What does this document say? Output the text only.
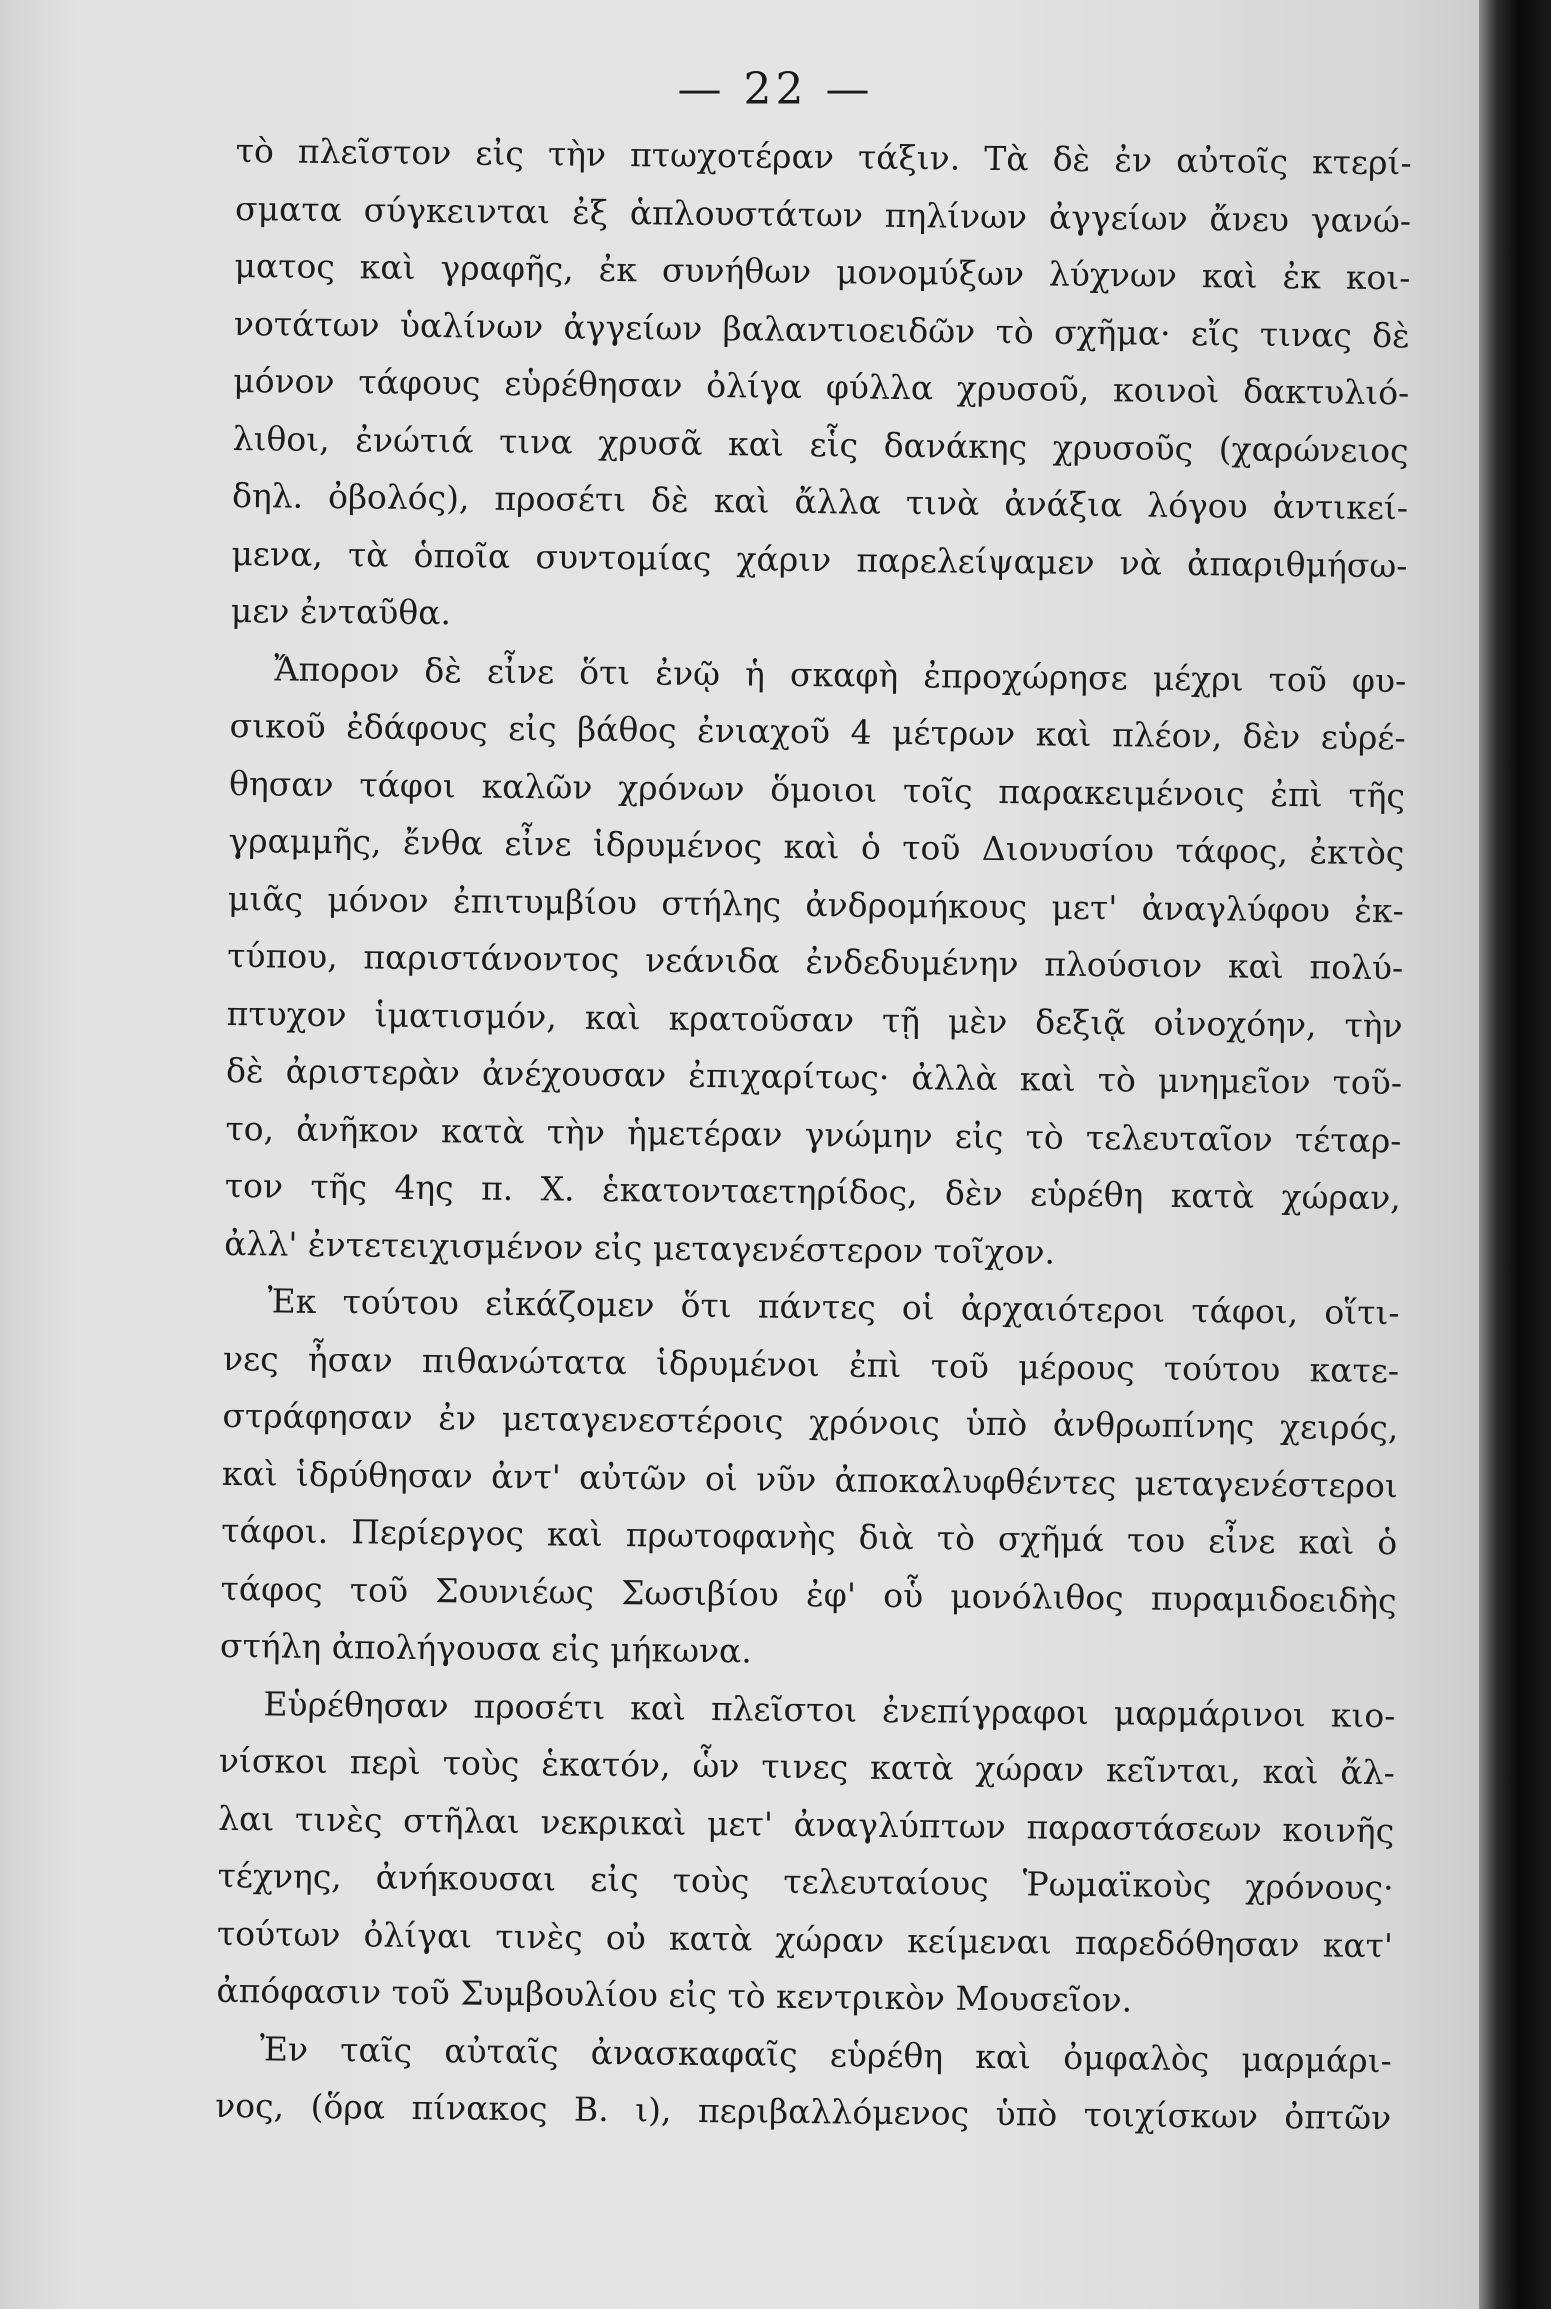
— 22 —
τὸ πλεῖστον εἰς τὴν πτωχοτέραν τάξιν. Τὰ δὲ ἐν αὐτοῖς κτερί-
σματα σύγκεινται ἐξ ἁπλουστάτων πηλίνων ἀγγείων ἄνευ γανώ-
ματος καὶ γραφῆς, ἐκ συνήθων μονομύξων λύχνων καὶ ἐκ κοι-
νοτάτων ὑαλίνων ἀγγείων βαλαντιοειδῶν τὸ σχῆμα· εἴς τινας δὲ
μόνον τάφους εὑρέθησαν ὀλίγα φύλλα χρυσοῦ, κοινοὶ δακτυλιό-
λιθοι, ἐνώτιά τινα χρυσᾶ καὶ εἷς δανάκης χρυσοῦς (χαρώνειος
δηλ. ὀβολός), προσέτι δὲ καὶ ἄλλα τινὰ ἀνάξια λόγου ἀντικεί-
μενα, τὰ ὁποῖα συντομίας χάριν παρελείψαμεν νὰ ἀπαριθμήσω-
μεν ἐνταῦθα.
Ἄπορον δὲ εἶνε ὅτι ἐνῷ ἡ σκαφὴ ἐπροχώρησε μέχρι τοῦ φυ-
σικοῦ ἐδάφους εἰς βάθος ἐνιαχοῦ 4 μέτρων καὶ πλέον, δὲν εὑρέ-
θησαν τάφοι καλῶν χρόνων ὅμοιοι τοῖς παρακειμένοις ἐπὶ τῆς
γραμμῆς, ἔνθα εἶνε ἱδρυμένος καὶ ὁ τοῦ Διονυσίου τάφος, ἐκτὸς
μιᾶς μόνον ἐπιτυμβίου στήλης ἀνδρομήκους μετ' ἀναγλύφου ἐκ-
τύπου, παριστάνοντος νεάνιδα ἐνδεδυμένην πλούσιον καὶ πολύ-
πτυχον ἱματισμόν, καὶ κρατοῦσαν τῇ μὲν δεξιᾷ οἰνοχόην, τὴν
δὲ ἀριστερὰν ἀνέχουσαν ἐπιχαρίτως· ἀλλὰ καὶ τὸ μνημεῖον τοῦ-
το, ἀνῆκον κατὰ τὴν ἡμετέραν γνώμην εἰς τὸ τελευταῖον τέταρ-
τον τῆς 4ης π. Χ. ἑκατονταετηρίδος, δὲν εὑρέθη κατὰ χώραν,
ἀλλ' ἐντετειχισμένον εἰς μεταγενέστερον τοῖχον.
Ἐκ τούτου εἰκάζομεν ὅτι πάντες οἱ ἀρχαιότεροι τάφοι, οἵτι-
νες ἦσαν πιθανώτατα ἱδρυμένοι ἐπὶ τοῦ μέρους τούτου κατε-
στράφησαν ἐν μεταγενεστέροις χρόνοις ὑπὸ ἀνθρωπίνης χειρός,
καὶ ἱδρύθησαν ἀντ' αὐτῶν οἱ νῦν ἀποκαλυφθέντες μεταγενέστεροι
τάφοι. Περίεργος καὶ πρωτοφανὴς διὰ τὸ σχῆμά του εἶνε καὶ ὁ
τάφος τοῦ Σουνιέως Σωσιβίου ἐφ' οὗ μονόλιθος πυραμιδοειδὴς
στήλη ἀπολήγουσα εἰς μήκωνα.
Εὑρέθησαν προσέτι καὶ πλεῖστοι ἐνεπίγραφοι μαρμάρινοι κιο-
νίσκοι περὶ τοὺς ἑκατόν, ὧν τινες κατὰ χώραν κεῖνται, καὶ ἄλ-
λαι τινὲς στῆλαι νεκρικαὶ μετ' ἀναγλύπτων παραστάσεων κοινῆς
τέχνης, ἀνήκουσαι εἰς τοὺς τελευταίους Ῥωμαϊκοὺς χρόνους·
τούτων ὀλίγαι τινὲς οὐ κατὰ χώραν κείμεναι παρεδόθησαν κατ'
ἀπόφασιν τοῦ Συμβουλίου εἰς τὸ κεντρικὸν Μουσεῖον.
Ἐν ταῖς αὐταῖς ἀνασκαφαῖς εὑρέθη καὶ ὀμφαλὸς μαρμάρι-
νος, (ὅρα πίνακος Β. ι), περιβαλλόμενος ὑπὸ τοιχίσκων ὀπτῶν
